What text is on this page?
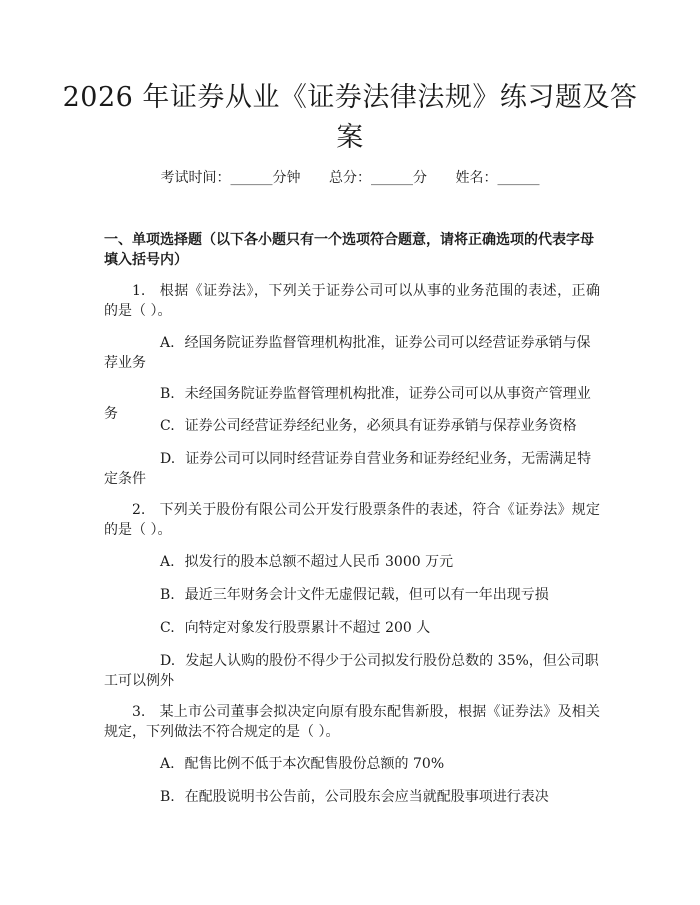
2026 年证券从业《证券法律法规》练习题及答案
考试时间：______分钟 总分：______分 姓名：______
一、单项选择题（以下各小题只有一个选项符合题意，请将正确选项的代表字母填入括号内）
1. 根据《证券法》，下列关于证券公司可以从事的业务范围的表述，正确的是（ ）。
A. 经国务院证券监督管理机构批准，证券公司可以经营证券承销与保荐业务
B. 未经国务院证券监督管理机构批准，证券公司可以从事资产管理业务
C. 证券公司经营证券经纪业务，必须具有证券承销与保荐业务资格
D. 证券公司可以同时经营证券自营业务和证券经纪业务，无需满足特定条件
2. 下列关于股份有限公司公开发行股票条件的表述，符合《证券法》规定的是（ ）。
A. 拟发行的股本总额不超过人民币 3000 万元
B. 最近三年财务会计文件无虚假记载，但可以有一年出现亏损
C. 向特定对象发行股票累计不超过 200 人
D. 发起人认购的股份不得少于公司拟发行股份总数的 35%，但公司职工可以例外
3. 某上市公司董事会拟决定向原有股东配售新股，根据《证券法》及相关规定，下列做法不符合规定的是（ ）。
A. 配售比例不低于本次配售股份总额的 70%
B. 在配股说明书公告前，公司股东会应当就配股事项进行表决
